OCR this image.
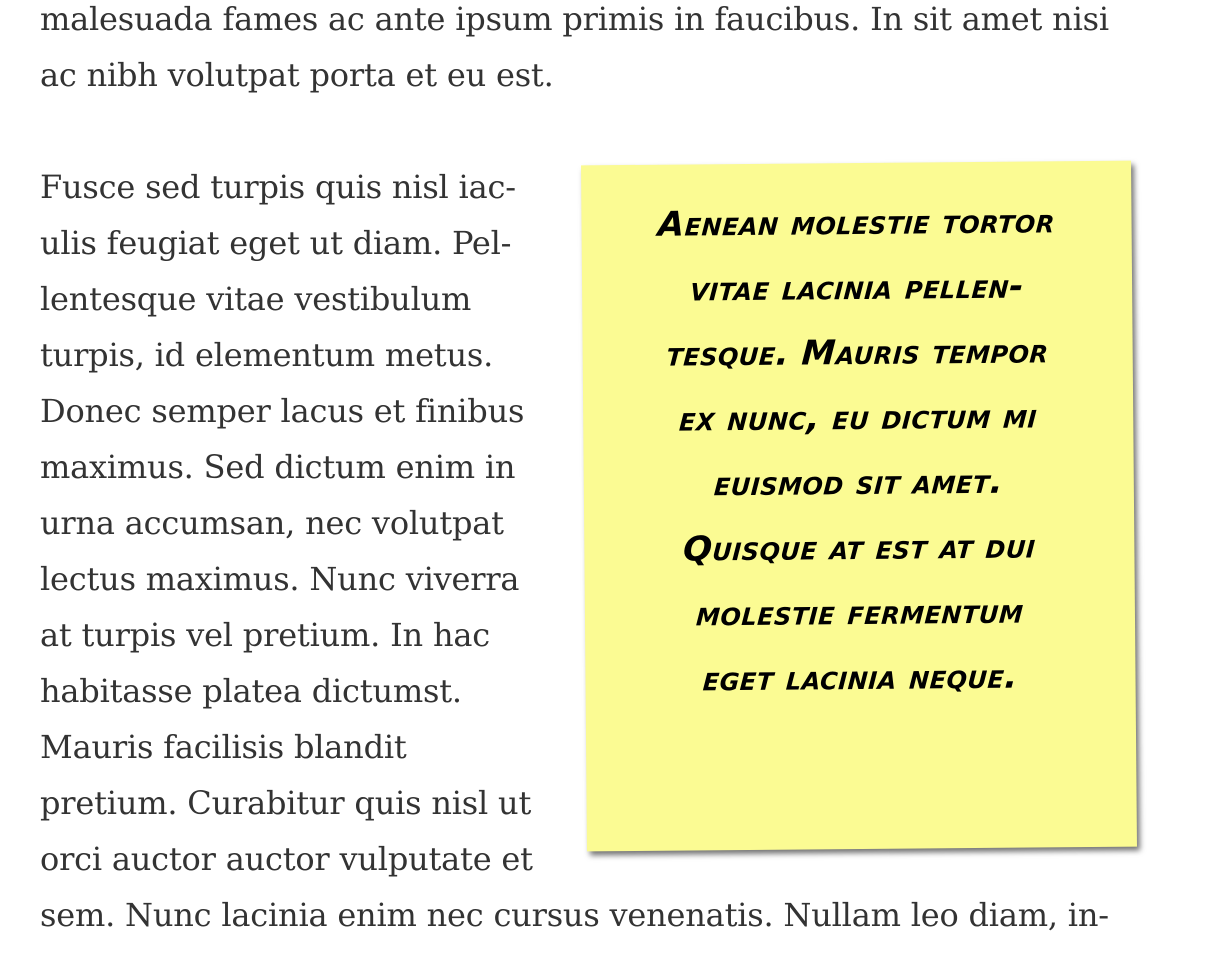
malesuada fames ac ante ipsum primis in faucibus. In sit amet nisi
ac nibh volutpat porta et eu est.
Fusce sed turpis quis nisl iac-
ulis feugiat eget ut diam. Pel-
lentesque vitae vestibulum
turpis, id elementum metus.
Donec semper lacus et finibus
maximus. Sed dictum enim in
urna accumsan, nec volutpat
lectus maximus. Nunc viverra
at turpis vel pretium. In hac
habitasse platea dictumst.
Mauris facilisis blandit
pretium. Curabitur quis nisl ut
orci auctor auctor vulputate et
sem. Nunc lacinia enim nec cursus venenatis. Nullam leo diam, in-
Aenean molestie tortor
vitae lacinia pellen-
tesque. Mauris tempor
ex nunc, eu dictum mi
euismod sit amet.
Quisque at est at dui
molestie fermentum
eget lacinia neque.
